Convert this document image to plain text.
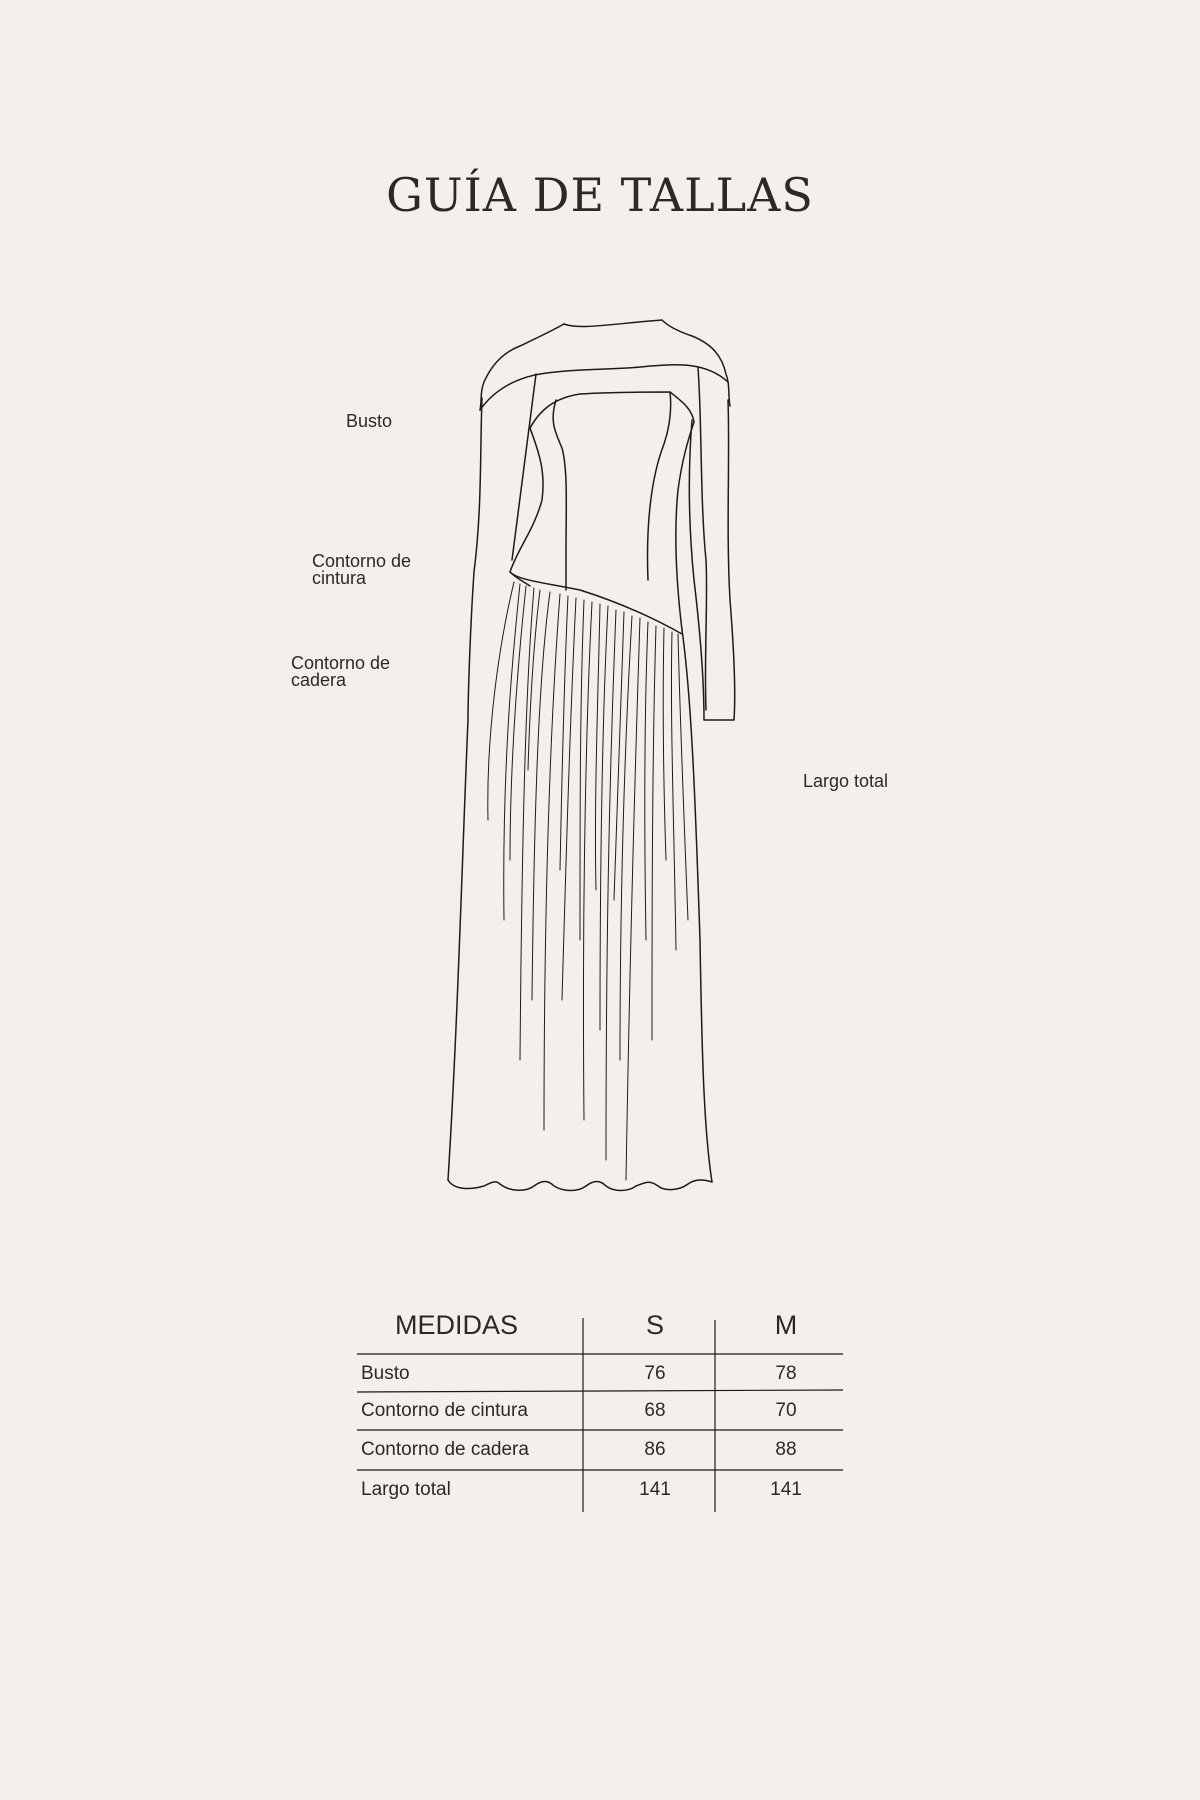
GUÍA DE TALLAS
Busto
Contorno de
cintura
Contorno de
cadera
Largo total
MEDIDAS	S	M
Busto	76	78
Contorno de cintura	68	70
Contorno de cadera	86	88
Largo total	141	141
